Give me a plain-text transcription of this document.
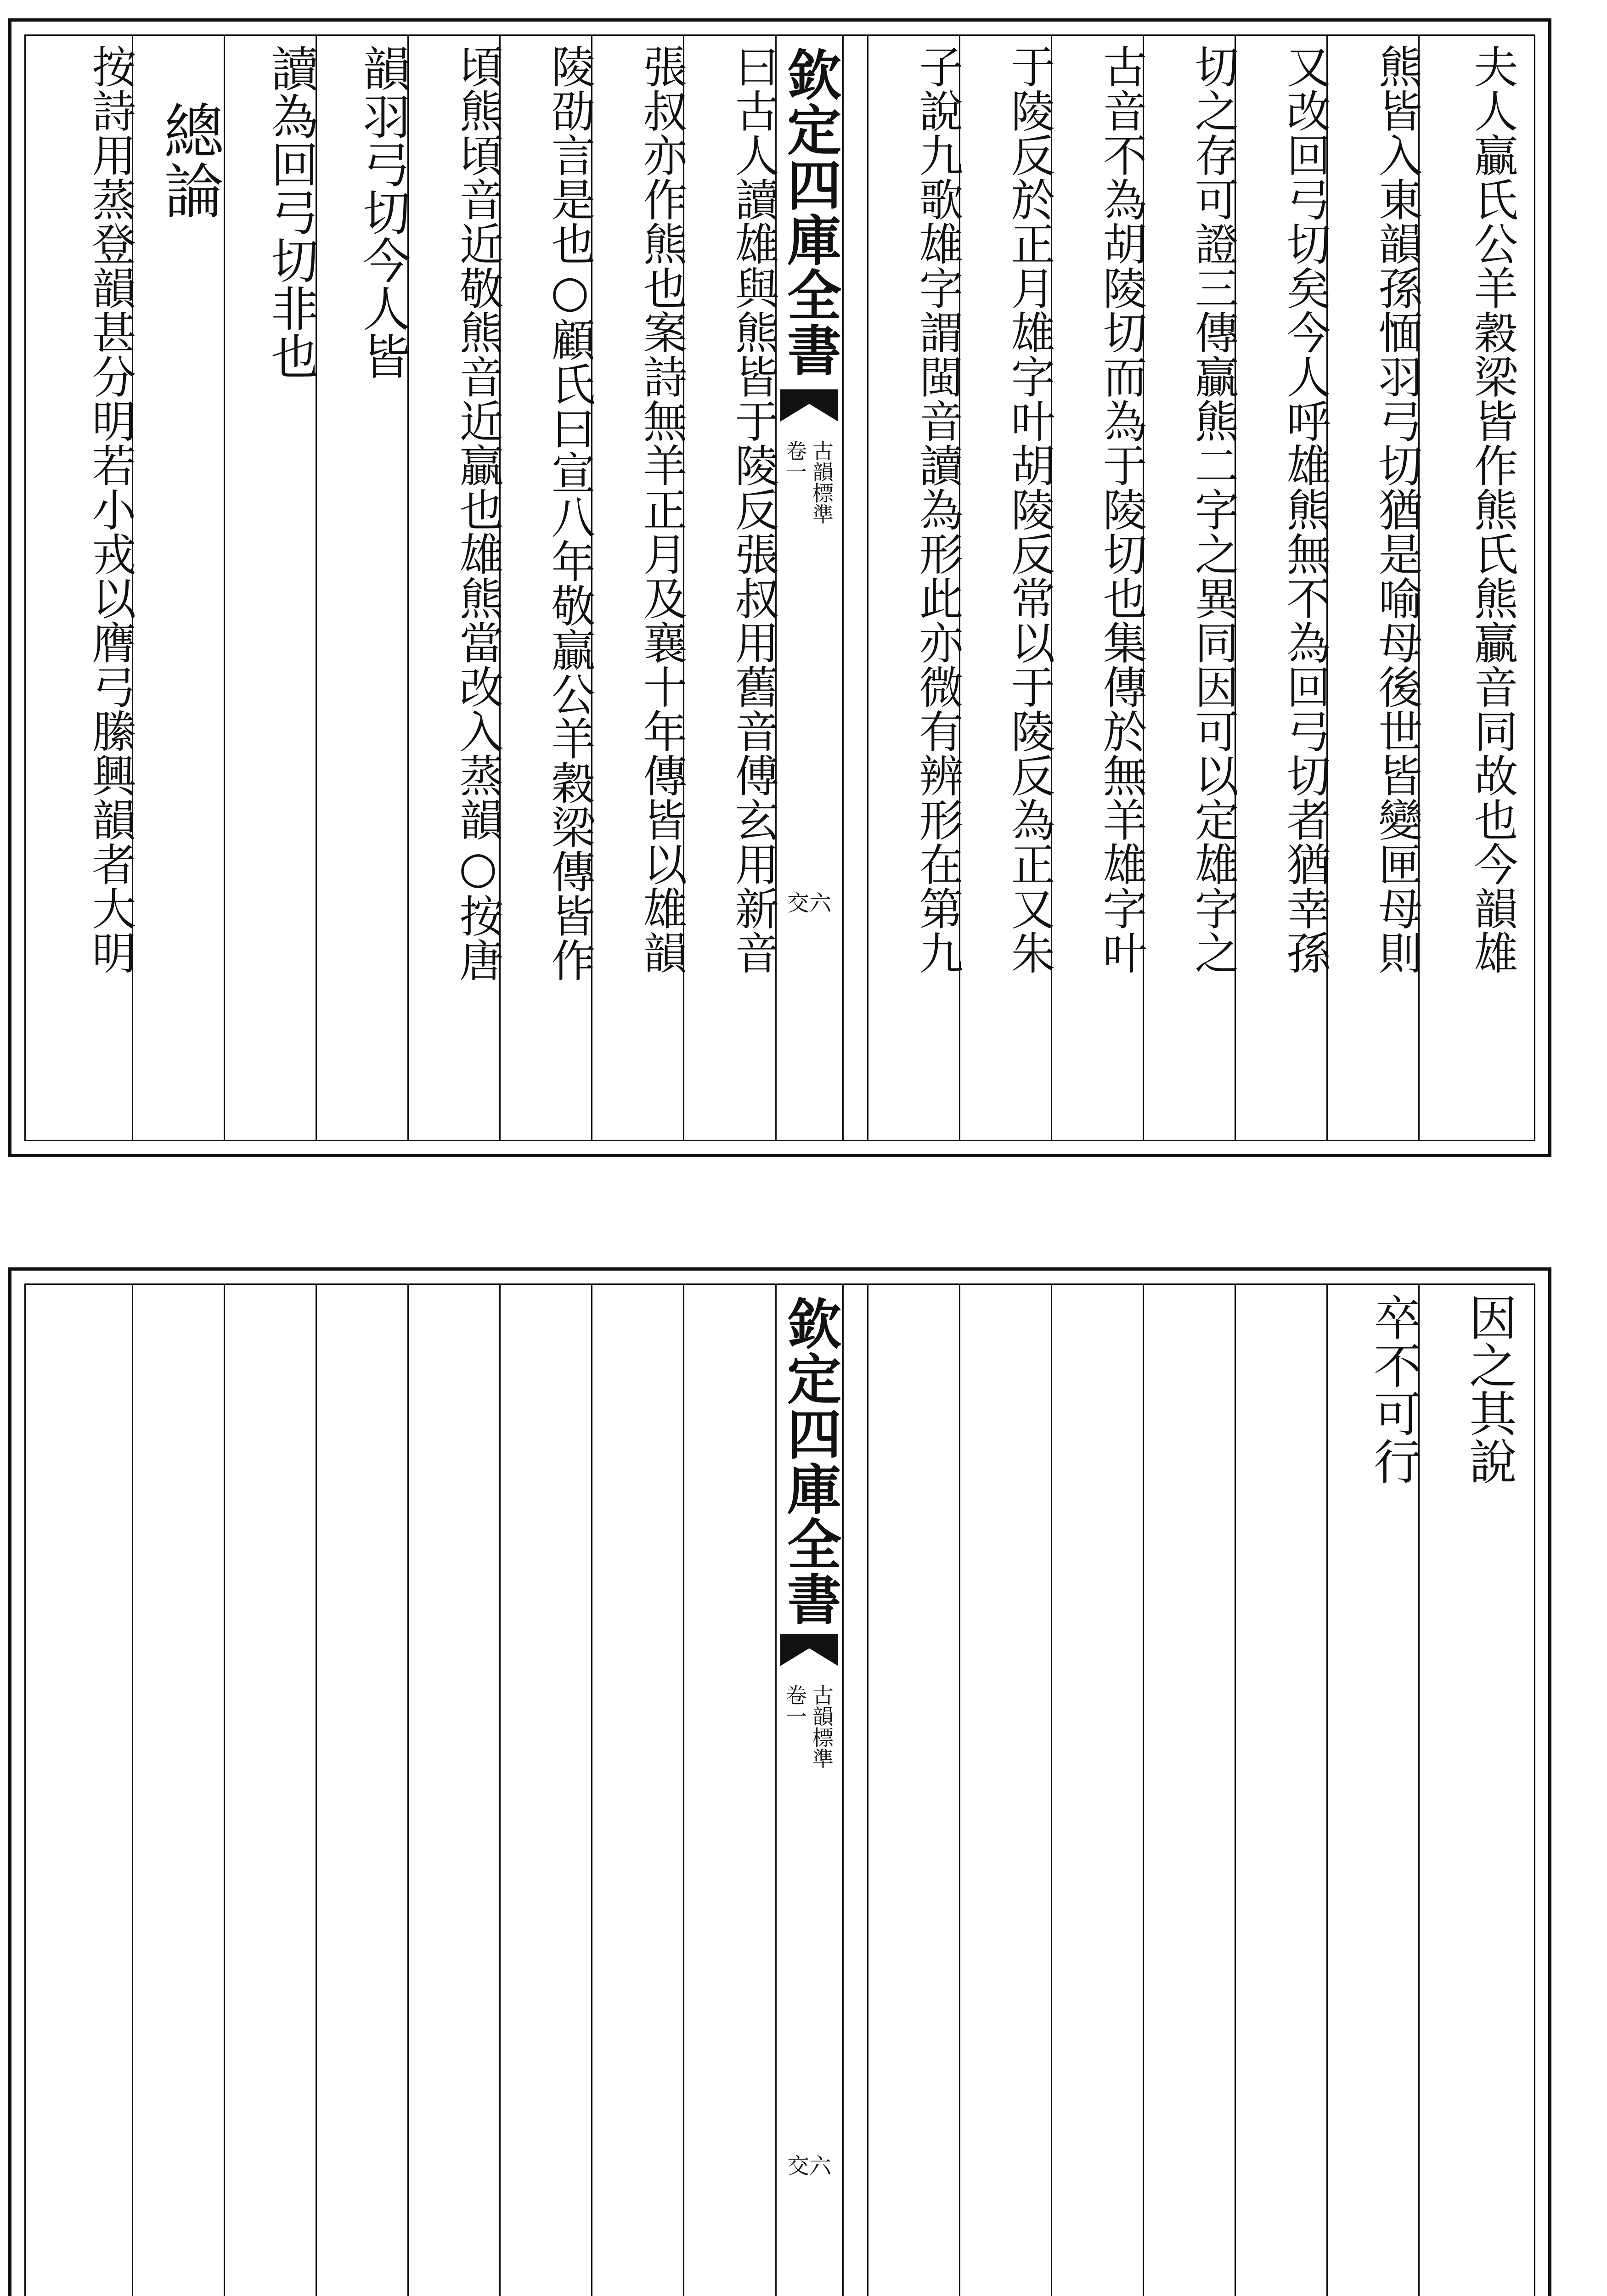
夫人贏氏公羊穀梁皆作熊氏熊贏音同故也今韻雄
熊皆入東韻孫愐羽弓切猶是喻母後世皆變匣母則
又改回弓切矣今人呼雄熊無不為回弓切者猶幸孫
切之存可證三傳贏熊二字之異同因可以定雄字之
古音不為胡陵切而為于陵切也集傳於無羊雄字叶
于陵反於正月雄字叶胡陵反常以于陵反為正又朱
子說九歌雄字謂閩音讀為形此亦微有辨形在第九
欽定四庫全書
古韻標準
卷一
交六
曰古人讀雄與熊皆于陵反張叔用舊音傅玄用新音
張叔亦作熊也案詩無羊正月及襄十年傳皆以雄韻
陵劭言是也○顧氏曰宣八年敬贏公羊穀梁傳皆作
頃熊頃音近敬熊音近贏也雄熊當改入蒸韻○按唐
韻羽弓切今人皆
讀為回弓切非也
總論
按詩用蒸登韻甚分明若小戎以膺弓縢興韻者大明
因之其說
卒不可行
欽定四庫全書
古韻標準
卷一
交六
